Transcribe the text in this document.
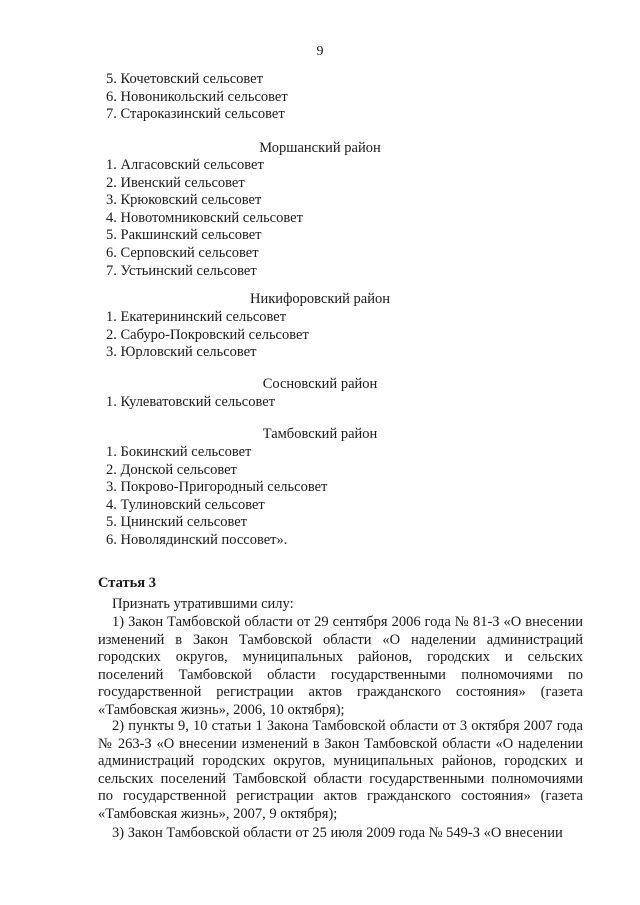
9
5. Кочетовский сельсовет
6. Новоникольский сельсовет
7. Староказинский сельсовет
Моршанский район
1. Алгасовский сельсовет
2. Ивенский сельсовет
3. Крюковский сельсовет
4. Новотомниковский сельсовет
5. Ракшинский сельсовет
6. Серповский сельсовет
7. Устьинский сельсовет
Никифоровский район
1. Екатерининский сельсовет
2. Сабуро-Покровский сельсовет
3. Юрловский сельсовет
Сосновский район
1. Кулеватовский сельсовет
Тамбовский район
1. Бокинский сельсовет
2. Донской сельсовет
3. Покрово-Пригородный сельсовет
4. Тулиновский сельсовет
5. Цнинский сельсовет
6. Новолядинский поссовет».
Статья 3

Признать утратившими силу:

1) Закон Тамбовской области от 29 сентября 2006 года № 81-З «О внесении изменений в Закон Тамбовской области «О наделении администраций городских округов, муниципальных районов, городских и сельских поселений Тамбовской области государственными полномочиями по государственной регистрации актов гражданского состояния» (газета «Тамбовская жизнь», 2006, 10 октября);

2) пункты 9, 10 статьи 1 Закона Тамбовской области от 3 октября 2007 года № 263-З «О внесении изменений в Закон Тамбовской области «О наделении администраций городских округов, муниципальных районов, городских и сельских поселений Тамбовской области государственными полномочиями по государственной регистрации актов гражданского состояния» (газета «Тамбовская жизнь», 2007, 9 октября);

3) Закон Тамбовской области от 25 июля 2009 года № 549-З «О внесении
